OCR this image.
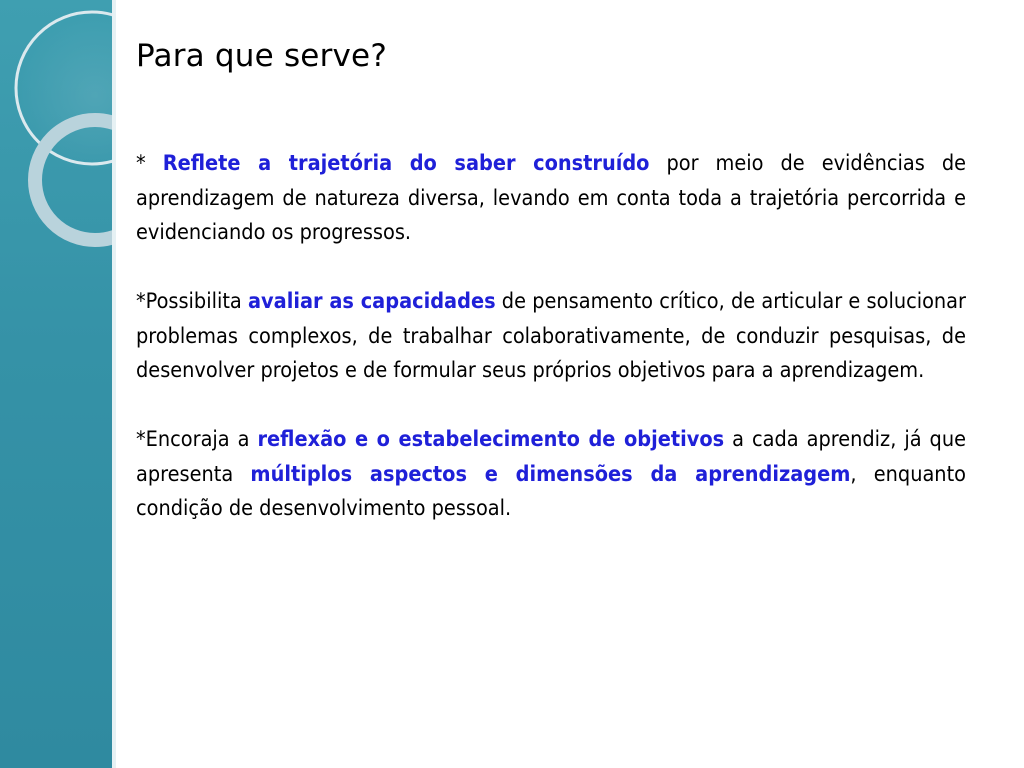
Para que serve?

* Reflete a trajetória do saber construído por meio de evidências de aprendizagem de natureza diversa, levando em conta toda a trajetória percorrida e evidenciando os progressos.

*Possibilita avaliar as capacidades de pensamento crítico, de articular e solucionar problemas complexos, de trabalhar colaborativamente, de conduzir pesquisas, de desenvolver projetos e de formular seus próprios objetivos para a aprendizagem.

*Encoraja a reflexão e o estabelecimento de objetivos a cada aprendiz, já que apresenta múltiplos aspectos e dimensões da aprendizagem, enquanto condição de desenvolvimento pessoal.
